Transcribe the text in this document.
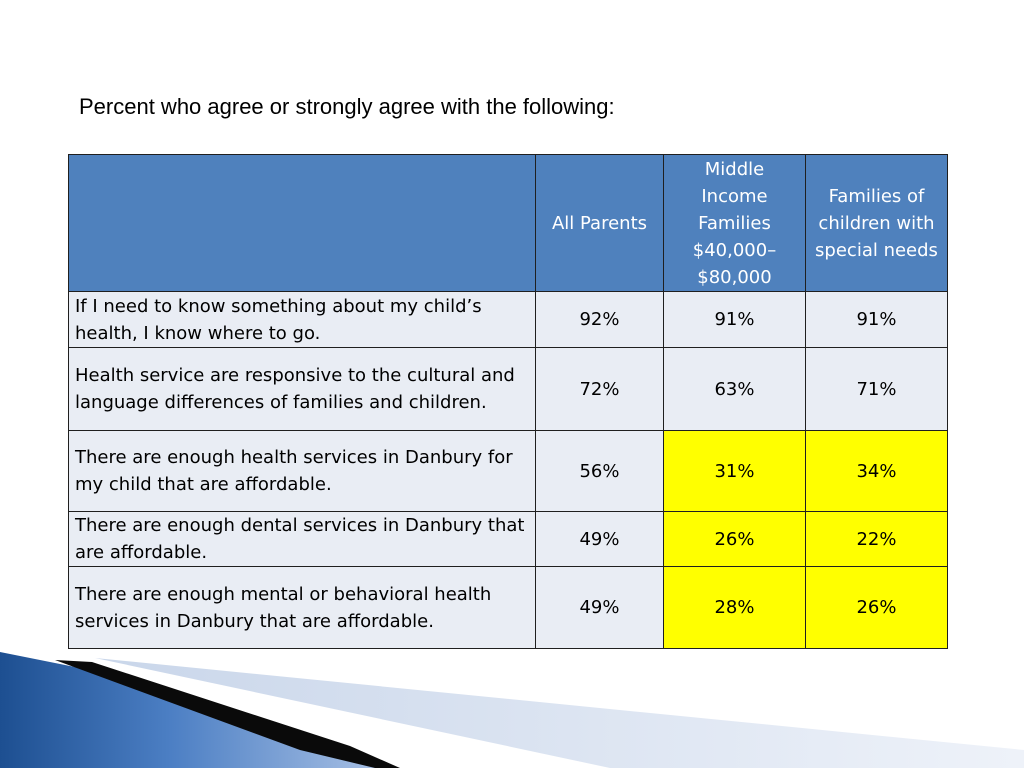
Percent who agree or strongly agree with the following:
	All Parents	Middle Income Families $40,000–$80,000	Families of children with special needs
If I need to know something about my child’s health, I know where to go.	92%	91%	91%
Health service are responsive to the cultural and language differences of families and children.	72%	63%	71%
There are enough health services in Danbury for my child that are affordable.	56%	31%	34%
There are enough dental services in Danbury that are affordable.	49%	26%	22%
There are enough mental or behavioral health services in Danbury that are affordable.	49%	28%	26%
